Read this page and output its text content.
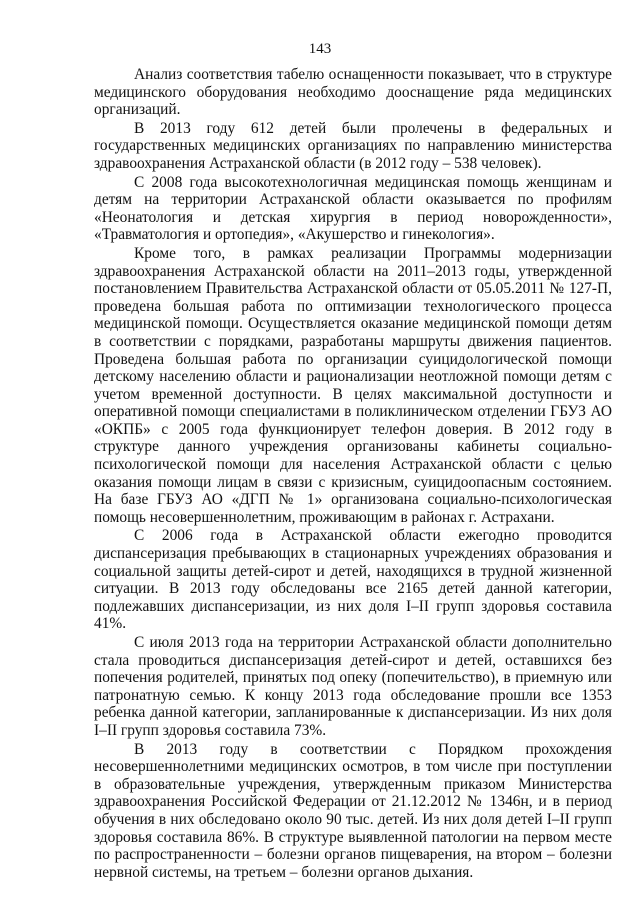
143

Анализ соответствия табелю оснащенности показывает, что в структуре медицинского оборудования необходимо дооснащение ряда медицинских организаций.

В 2013 году 612 детей были пролечены в федеральных и государственных медицинских организациях по направлению министерства здравоохранения Астраханской области (в 2012 году – 538 человек).

С 2008 года высокотехнологичная медицинская помощь женщинам и детям на территории Астраханской области оказывается по профилям «Неонатология и детская хирургия в период новорожденности», «Травматология и ортопедия», «Акушерство и гинекология».

Кроме того, в рамках реализации Программы модернизации здравоохранения Астраханской области на 2011–2013 годы, утвержденной постановлением Правительства Астраханской области от 05.05.2011 № 127-П, проведена большая работа по оптимизации технологического процесса медицинской помощи. Осуществляется оказание медицинской помощи детям в соответствии с порядками, разработаны маршруты движения пациентов. Проведена большая работа по организации суицидологической помощи детскому населению области и рационализации неотложной помощи детям с учетом временной доступности. В целях максимальной доступности и оперативной помощи специалистами в поликлиническом отделении ГБУЗ АО «ОКПБ» с 2005 года функционирует телефон доверия. В 2012 году в структуре данного учреждения организованы кабинеты социально-психологической помощи для населения Астраханской области с целью оказания помощи лицам в связи с кризисным, суицидоопасным состоянием. На базе ГБУЗ АО «ДГП № 1» организована социально-психологическая помощь несовершеннолетним, проживающим в районах г. Астрахани.

С 2006 года в Астраханской области ежегодно проводится диспансеризация пребывающих в стационарных учреждениях образования и социальной защиты детей-сирот и детей, находящихся в трудной жизненной ситуации. В 2013 году обследованы все 2165 детей данной категории, подлежавших диспансеризации, из них доля I–II групп здоровья составила 41%.

С июля 2013 года на территории Астраханской области дополнительно стала проводиться диспансеризация детей-сирот и детей, оставшихся без попечения родителей, принятых под опеку (попечительство), в приемную или патронатную семью. К концу 2013 года обследование прошли все 1353 ребенка данной категории, запланированные к диспансеризации. Из них доля I–II групп здоровья составила 73%.

В 2013 году в соответствии с Порядком прохождения несовершеннолетними медицинских осмотров, в том числе при поступлении в образовательные учреждения, утвержденным приказом Министерства здравоохранения Российской Федерации от 21.12.2012 № 1346н, и в период обучения в них обследовано около 90 тыс. детей. Из них доля детей I–II групп здоровья составила 86%. В структуре выявленной патологии на первом месте по распространенности – болезни органов пищеварения, на втором – болезни нервной системы, на третьем – болезни органов дыхания.
